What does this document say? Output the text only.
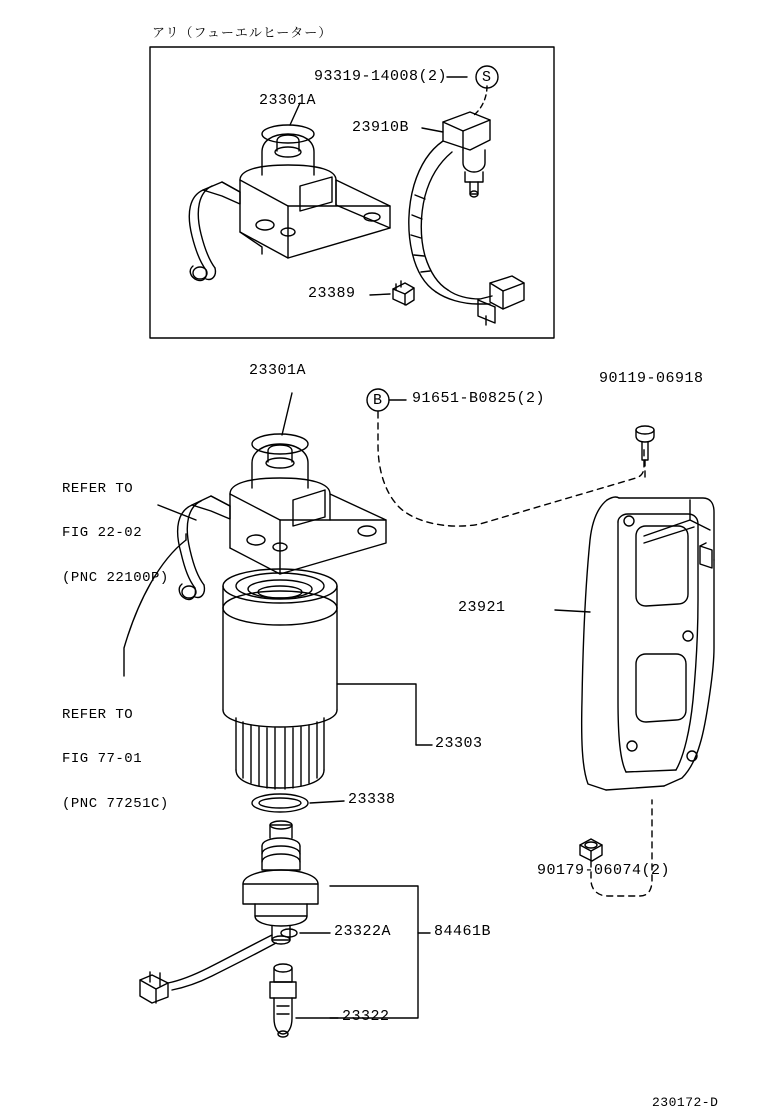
アリ（フューエルヒーター）
23301A
93319-14008(2) S
23910B
23389
23301A
B 91651-B0825(2)
90119-06918
23921
23303
23338
90179-06074(2)
23322A	84461B
23322

REFER TO

FIG 22-02

(PNC 22100P)

REFER TO

FIG 77-01

(PNC 77251C)

230172-D
